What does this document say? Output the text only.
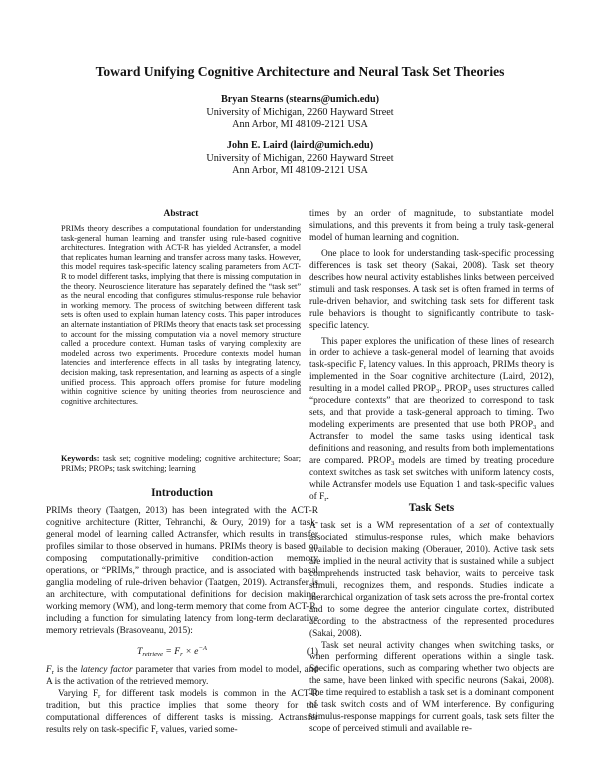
Toward Unifying Cognitive Architecture and Neural Task Set Theories
Bryan Stearns (stearns@umich.edu)
University of Michigan, 2260 Hayward Street
Ann Arbor, MI 48109-2121 USA
John E. Laird (laird@umich.edu)
University of Michigan, 2260 Hayward Street
Ann Arbor, MI 48109-2121 USA
Abstract

PRIMs theory describes a computational foundation for understanding task-general human learning and transfer using rule-based cognitive architectures. Integration with ACT-R has yielded Actransfer, a model that replicates human learning and transfer across many tasks. However, this model requires task-specific latency scaling parameters from ACT-R to model different tasks, implying that there is missing computation in the theory. Neuroscience literature has separately defined the “task set” as the neural encoding that configures stimulus-response rule behavior in working memory. The process of switching between different task sets is often used to explain human latency costs. This paper introduces an alternate instantiation of PRIMs theory that enacts task set processing to account for the missing computation via a novel memory structure called a procedure context. Human tasks of varying complexity are modeled across two experiments. Procedure contexts model human latencies and interference effects in all tasks by integrating latency, decision making, task representation, and learning as aspects of a single unified process. This approach offers promise for future modeling within cognitive science by uniting theories from neuroscience and cognitive architectures.

Keywords: task set; cognitive modeling; cognitive architecture; Soar; PRIMs; PROPs; task switching; learning
Introduction

PRIMs theory (Taatgen, 2013) has been integrated with the ACT-R cognitive architecture (Ritter, Tehranchi, & Oury, 2019) for a task-general model of learning called Actransfer, which results in transfer profiles similar to those observed in humans. PRIMs theory is based on composing computationally-primitive condition-action memory operations, or “PRIMs,” through practice, and is associated with basal ganglia modeling of rule-driven behavior (Taatgen, 2019). Actransfer is an architecture, with computational definitions for decision making, working memory (WM), and long-term memory that come from ACT-R, including a function for simulating latency from long-term declarative memory retrievals (Brasoveanu, 2015):

$T_{retrieve} = F_r \times e^{-A}$	(1)

$F_r$ is the latency factor parameter that varies from model to model, and A is the activation of the retrieved memory.

Varying $F_r$ for different task models is common in the ACT-R tradition, but this practice implies that some theory for the computational differences of different tasks is missing. Actransfer results rely on task-specific $F_r$ values, varied some-

times by an order of magnitude, to substantiate model simulations, and this prevents it from being a truly task-general model of human learning and cognition.

One place to look for understanding task-specific processing differences is task set theory (Sakai, 2008). Task set theory describes how neural activity establishes links between perceived stimuli and task responses. A task set is often framed in terms of rule-driven behavior, and switching task sets for different task rule behaviors is thought to significantly contribute to task-specific latency.

This paper explores the unification of these lines of research in order to achieve a task-general model of learning that avoids task-specific $F_r$ latency values. In this approach, PRIMs theory is implemented in the Soar cognitive architecture (Laird, 2012), resulting in a model called $PROP_3$. $PROP_3$ uses structures called “procedure contexts” that are theorized to correspond to task sets, and that provide a task-general approach to timing. Two modeling experiments are presented that use both $PROP_3$ and Actransfer to model the same tasks using identical task definitions and reasoning, and results from both implementations are compared. $PROP_3$ models are timed by treating procedure context switches as task set switches with uniform latency costs, while Actransfer models use Equation 1 and task-specific values of $F_r$.

Task Sets

A task set is a WM representation of a set of contextually associated stimulus-response rules, which make behaviors available to decision making (Oberauer, 2010). Active task sets are implied in the neural activity that is sustained while a subject comprehends instructed task behavior, waits to perceive task stimuli, recognizes them, and responds. Studies indicate a hierarchical organization of task sets across the pre-frontal cortex and to some degree the anterior cingulate cortex, distributed according to the abstractness of the represented procedures (Sakai, 2008).

Task set neural activity changes when switching tasks, or when performing different operations within a single task. Specific operations, such as comparing whether two objects are the same, have been linked with specific neurons (Sakai, 2008). The time required to establish a task set is a dominant component of task switch costs and of WM interference. By configuring stimulus-response mappings for current goals, task sets filter the scope of perceived stimuli and available re-
